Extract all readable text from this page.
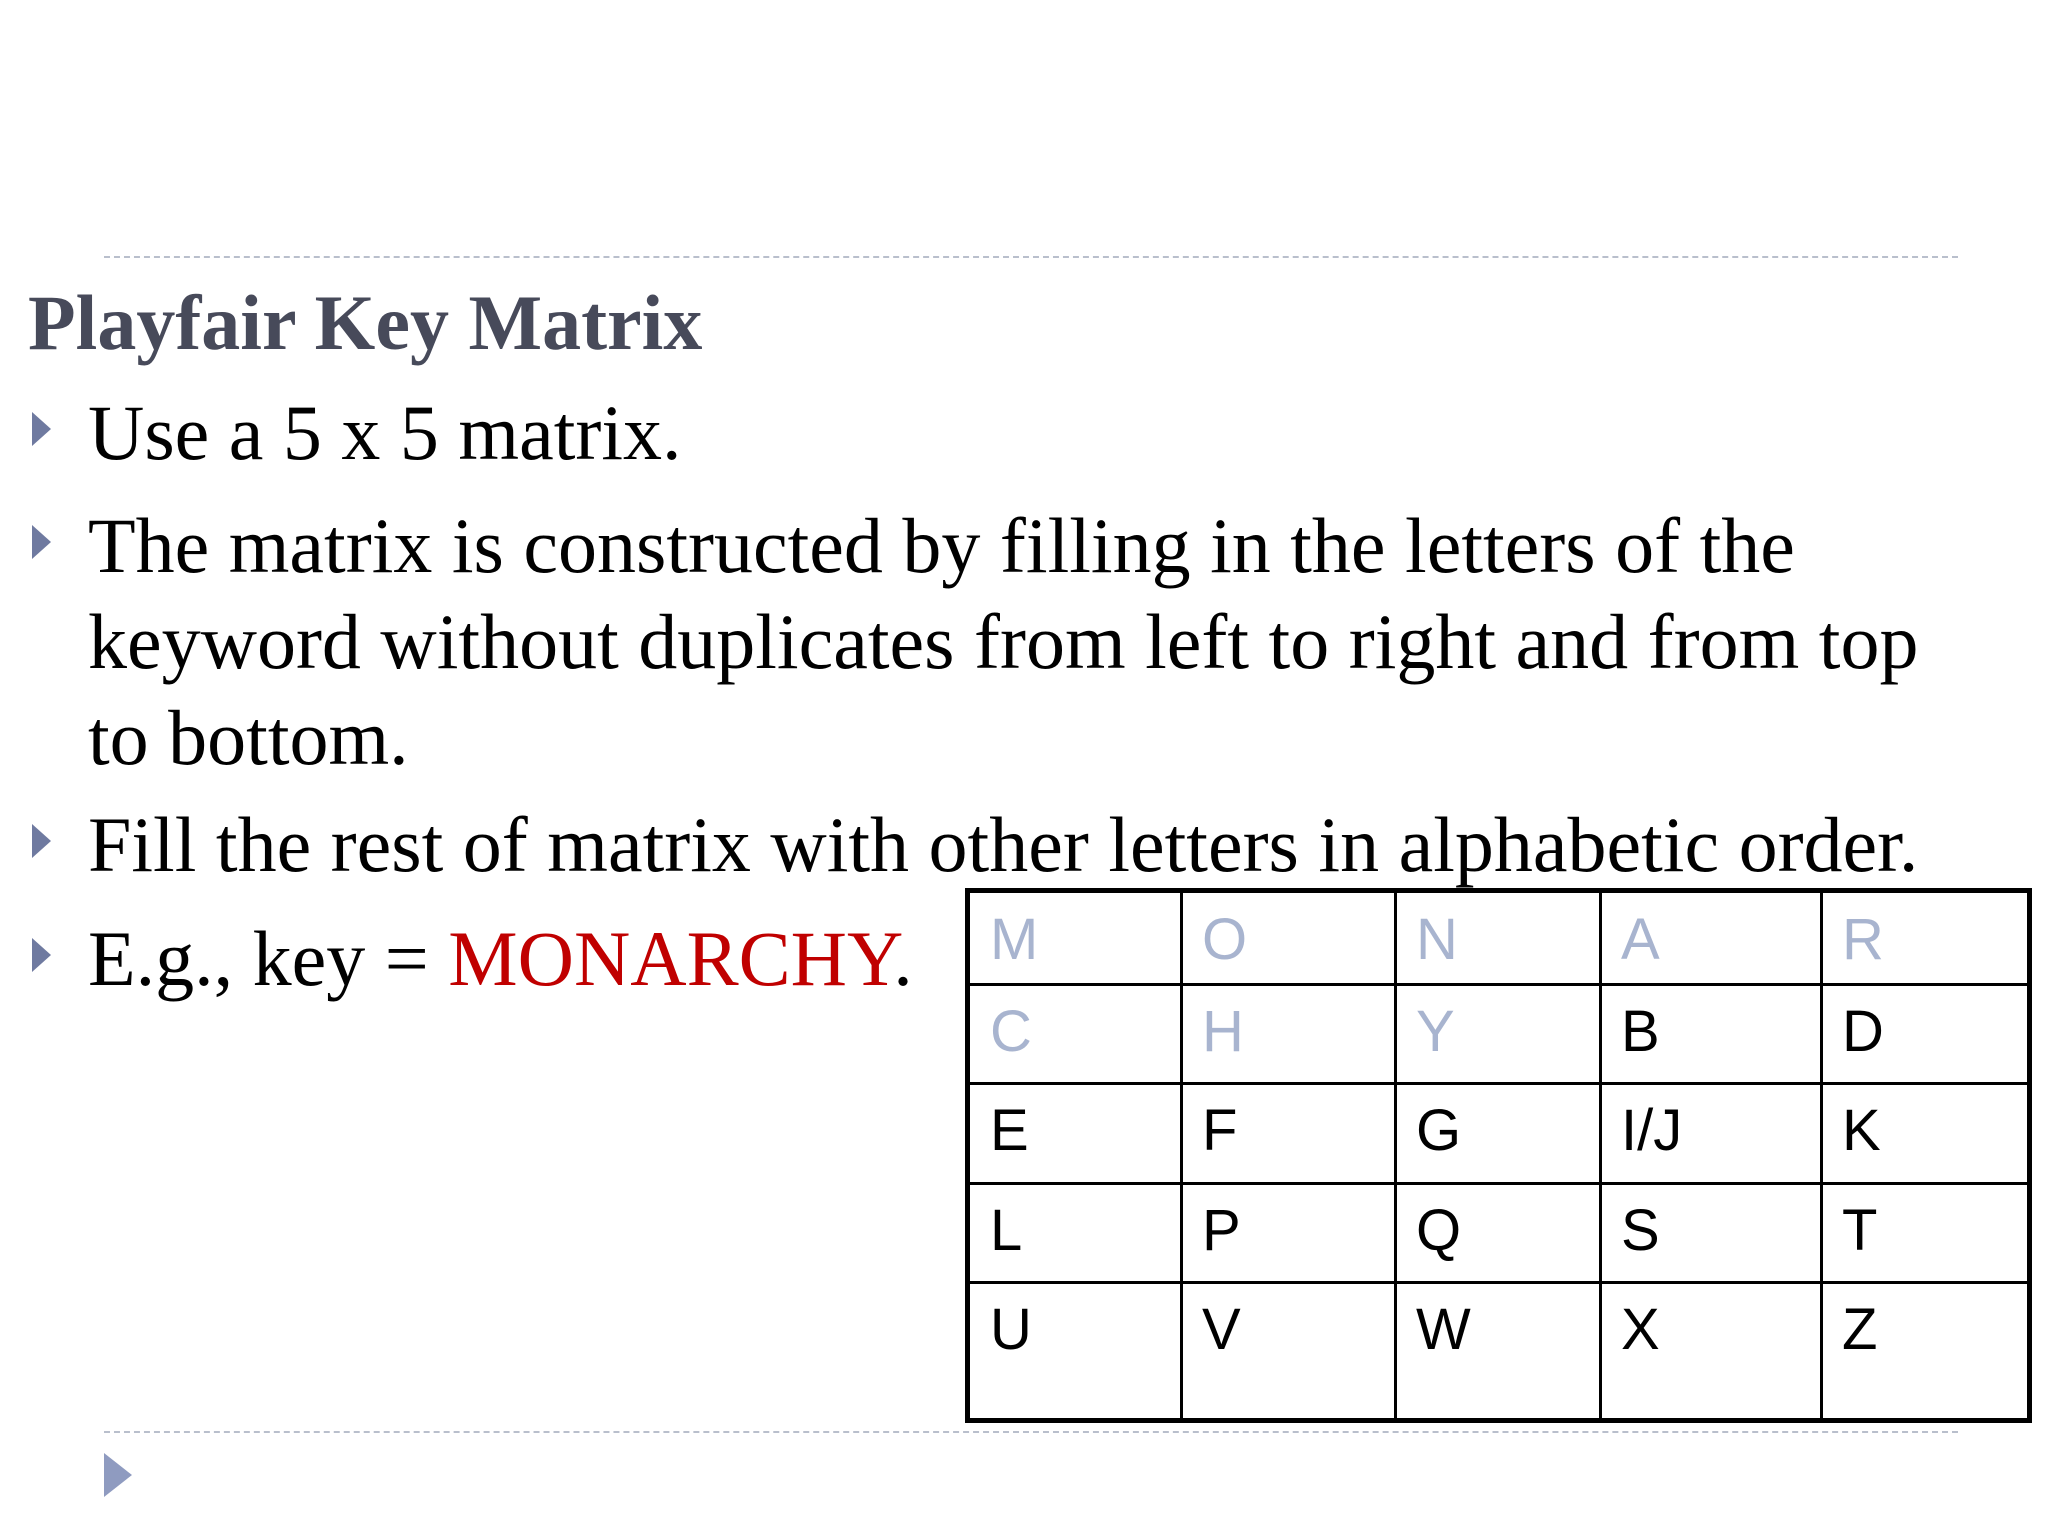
Playfair Key Matrix
Use a 5 x 5 matrix.
The matrix is constructed by filling in the letters of the
keyword without duplicates from left to right and from top
to bottom.
Fill the rest of matrix with other letters in alphabetic order.
E.g., key = MONARCHY. M	O	N	A	R
C	H	Y	B	D
E	F	G	I/J	K
L	P	Q	S	T
U	V	W	X	Z
